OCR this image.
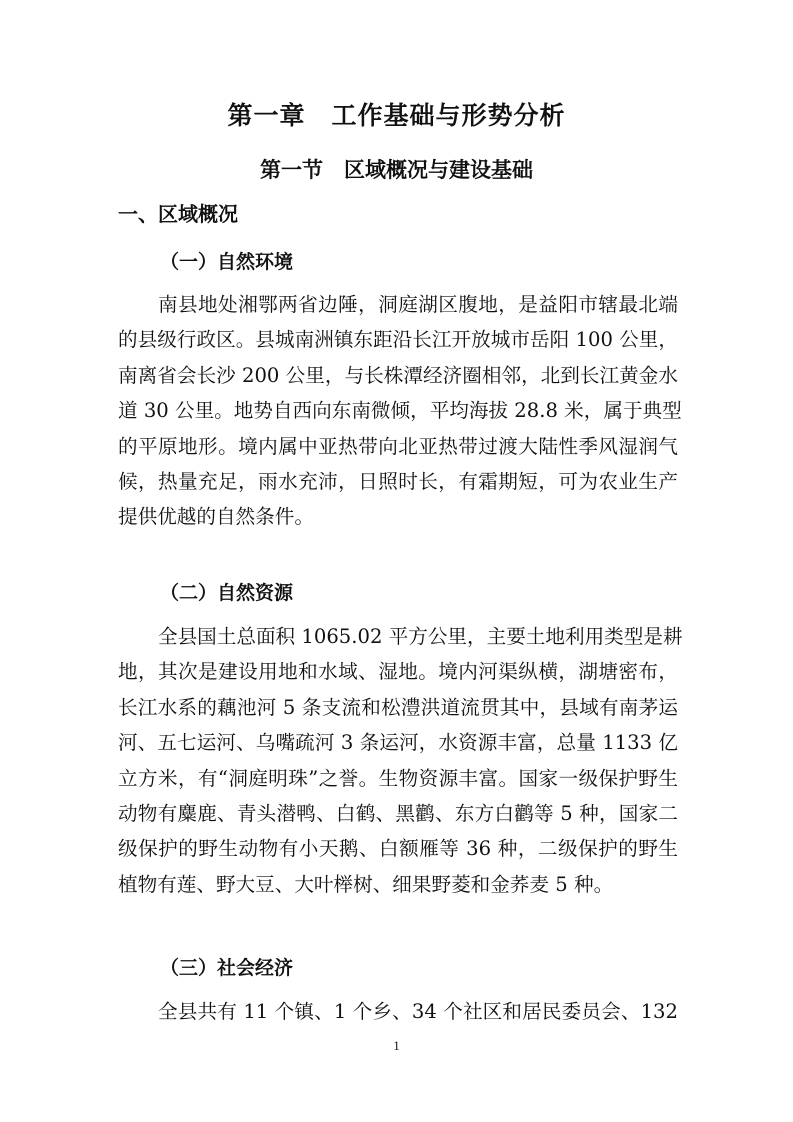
第一章　工作基础与形势分析
第一节　区域概况与建设基础
一、区域概况
（一）自然环境
南县地处湘鄂两省边陲，洞庭湖区腹地，是益阳市辖最北端
的县级行政区。县城南洲镇东距沿长江开放城市岳阳 100 公里，
南离省会长沙 200 公里，与长株潭经济圈相邻，北到长江黄金水
道 30 公里。地势自西向东南微倾，平均海拔 28.8 米，属于典型
的平原地形。境内属中亚热带向北亚热带过渡大陆性季风湿润气
候，热量充足，雨水充沛，日照时长，有霜期短，可为农业生产
提供优越的自然条件。
（二）自然资源
全县国土总面积 1065.02 平方公里，主要土地利用类型是耕
地，其次是建设用地和水域、湿地。境内河渠纵横，湖塘密布，
长江水系的藕池河 5 条支流和松澧洪道流贯其中，县域有南茅运
河、五七运河、乌嘴疏河 3 条运河，水资源丰富，总量 1133 亿
立方米，有“洞庭明珠”之誉。生物资源丰富。国家一级保护野生
动物有麋鹿、青头潜鸭、白鹤、黑鹳、东方白鹳等 5 种，国家二
级保护的野生动物有小天鹅、白额雁等 36 种，二级保护的野生
植物有莲、野大豆、大叶榉树、细果野菱和金荞麦 5 种。
（三）社会经济
全县共有 11 个镇、1 个乡、34 个社区和居民委员会、132
1
